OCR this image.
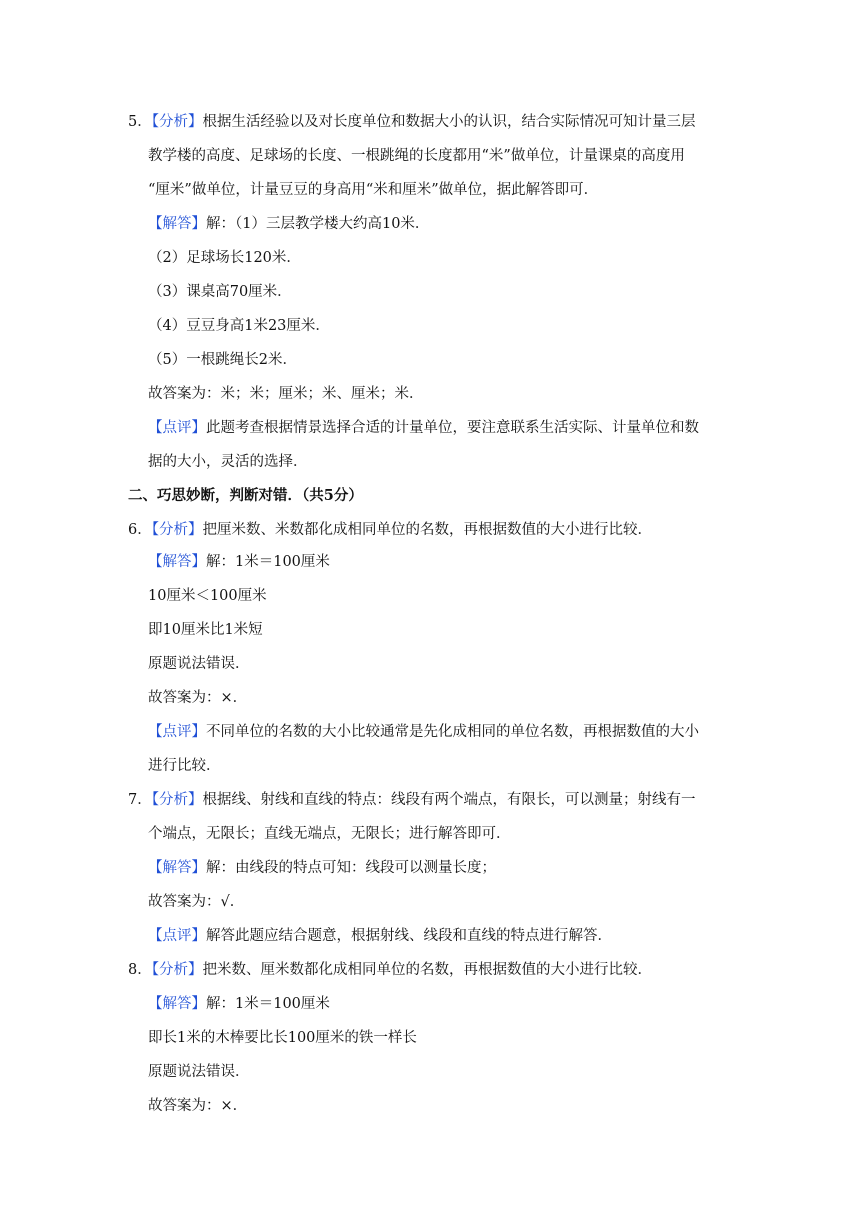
5．【分析】根据生活经验以及对长度单位和数据大小的认识，结合实际情况可知计量三层
教学楼的高度、足球场的长度、一根跳绳的长度都用“米”做单位，计量课桌的高度用
“厘米”做单位，计量豆豆的身高用“米和厘米”做单位，据此解答即可．
【解答】解：（1）三层教学楼大约高10米．
（2）足球场长120米．
（3）课桌高70厘米．
（4）豆豆身高1米23厘米．
（5）一根跳绳长2米．
故答案为：米；米；厘米；米、厘米；米．
【点评】此题考查根据情景选择合适的计量单位，要注意联系生活实际、计量单位和数
据的大小，灵活的选择．
二、巧思妙断，判断对错．（共5分）
6．【分析】把厘米数、米数都化成相同单位的名数，再根据数值的大小进行比较．
【解答】解：1米＝100厘米
10厘米＜100厘米
即10厘米比1米短
原题说法错误．
故答案为：×．
【点评】不同单位的名数的大小比较通常是先化成相同的单位名数，再根据数值的大小
进行比较．
7．【分析】根据线、射线和直线的特点：线段有两个端点，有限长，可以测量；射线有一
个端点，无限长；直线无端点，无限长；进行解答即可．
【解答】解：由线段的特点可知：线段可以测量长度；
故答案为：√．
【点评】解答此题应结合题意，根据射线、线段和直线的特点进行解答．
8．【分析】把米数、厘米数都化成相同单位的名数，再根据数值的大小进行比较．
【解答】解：1米＝100厘米
即长1米的木棒要比长100厘米的铁一样长
原题说法错误．
故答案为：×．
